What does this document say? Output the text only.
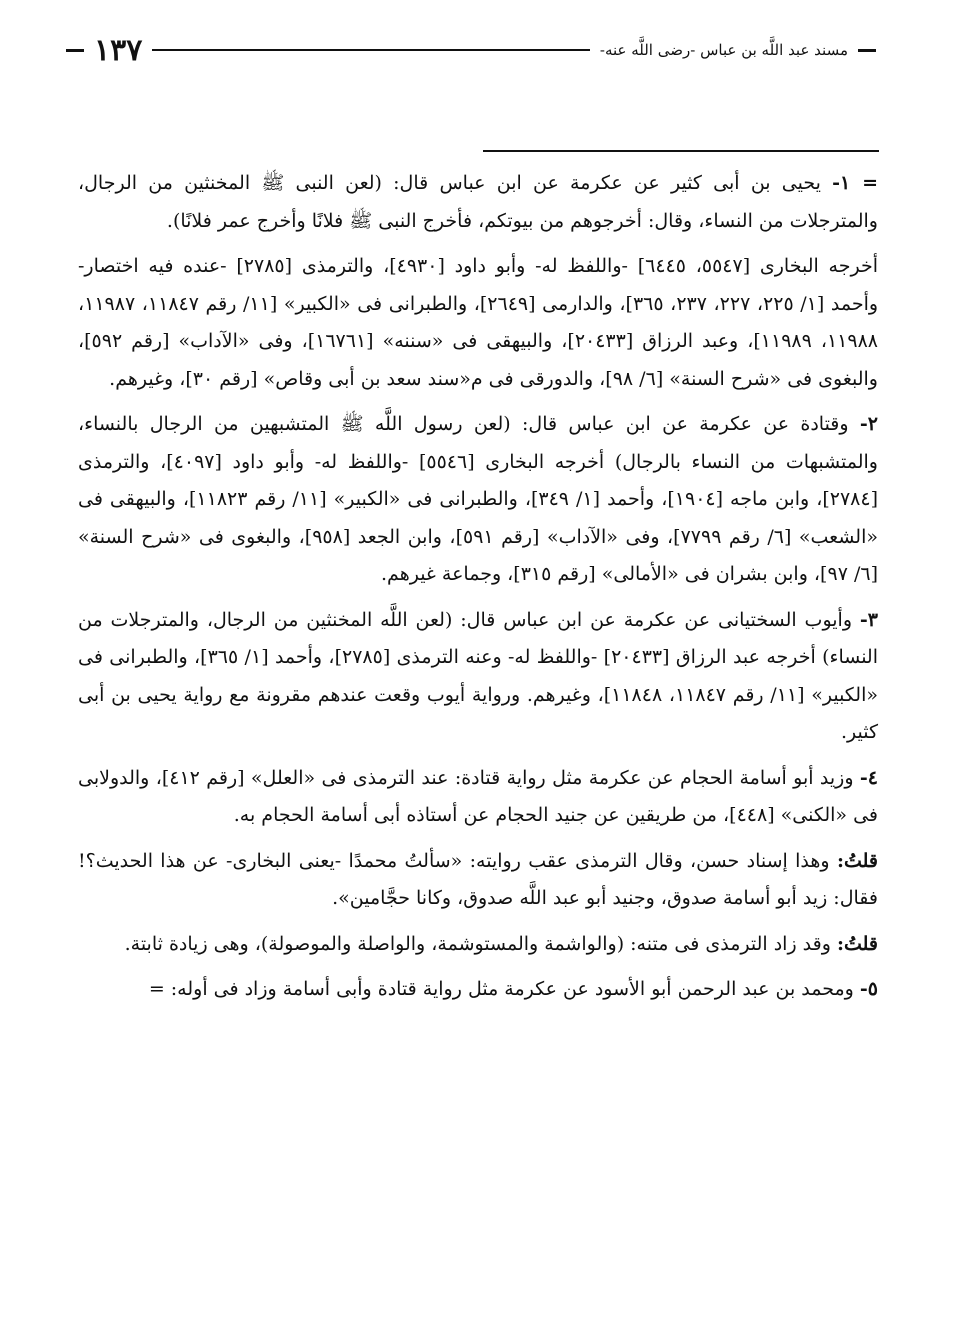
١٣٧	مسند عبد اللَّه بن عباس -رضى اللَّه عنه-

= ١- يحيى بن أبى كثير عن عكرمة عن ابن عباس قال: (لعن النبى ﷺ المخنثين من الرجال، والمترجلات من النساء، وقال: أخرجوهم من بيوتكم، فأخرج النبى ﷺ فلانًا وأخرج عمر فلانًا).

أخرجه البخارى [٥٥٤٧، ٦٤٤٥] -واللفظ له- وأبو داود [٤٩٣٠]، والترمذى [٢٧٨٥] -عنده فيه اختصار- وأحمد [١/ ٢٢٥، ٢٢٧، ٢٣٧، ٣٦٥]، والدارمى [٢٦٤٩]، والطبرانى فى «الكبير» [١١/ رقم ١١٨٤٧، ١١٩٨٧، ١١٩٨٨، ١١٩٨٩]، وعبد الرزاق [٢٠٤٣٣]، والبيهقى فى «سننه» [١٦٧٦١]، وفى «الآداب» [رقم ٥٩٢]، والبغوى فى «شرح السنة» [٦/ ٩٨]، والدورقى فى م«سند سعد بن أبى وقاص» [رقم ٣٠]، وغيرهم.

٢- وقتادة عن عكرمة عن ابن عباس قال: (لعن رسول اللَّه ﷺ المتشبهين من الرجال بالنساء، والمتشبهات من النساء بالرجال) أخرجه البخارى [٥٥٤٦] -واللفظ له- وأبو داود [٤٠٩٧]، والترمذى [٢٧٨٤]، وابن ماجه [١٩٠٤]، وأحمد [١/ ٣٤٩]، والطبرانى فى «الكبير» [١١/ رقم ١١٨٢٣]، والبيهقى فى «الشعب» [٦/ رقم ٧٧٩٩]، وفى «الآداب» [رقم ٥٩١]، وابن الجعد [٩٥٨]، والبغوى فى «شرح السنة» [٦/ ٩٧]، وابن بشران فى «الأمالى» [رقم ٣١٥]، وجماعة غيرهم.

٣- وأيوب السختيانى عن عكرمة عن ابن عباس قال: (لعن اللَّه المخنثين من الرجال، والمترجلات من النساء) أخرجه عبد الرزاق [٢٠٤٣٣] -واللفظ له- وعنه الترمذى [٢٧٨٥]، وأحمد [١/ ٣٦٥]، والطبرانى فى «الكبير» [١١/ رقم ١١٨٤٧، ١١٨٤٨]، وغيرهم. ورواية أيوب وقعت عندهم مقرونة مع رواية يحيى بن أبى كثير.

٤- وزيد أبو أسامة الحجام عن عكرمة مثل رواية قتادة: عند الترمذى فى «العلل» [رقم ٤١٢]، والدولابى فى «الكنى» [٤٤٨]، من طريقين عن جنيد الحجام عن أستاذه أبى أسامة الحجام به.

قلتُ: وهذا إسناد حسن، وقال الترمذى عقب روايته: «سألتُ محمدًا -يعنى البخارى- عن هذا الحديث؟! فقال: زيد أبو أسامة صدوق، وجنيد أبو عبد اللَّه صدوق، وكانا حجَّامين».

قلتُ: وقد زاد الترمذى فى متنه: (والواشمة والمستوشمة، والواصلة والموصولة)، وهى زيادة ثابتة.

٥- ومحمد بن عبد الرحمن أبو الأسود عن عكرمة مثل رواية قتادة وأبى أسامة وزاد فى أوله: =
